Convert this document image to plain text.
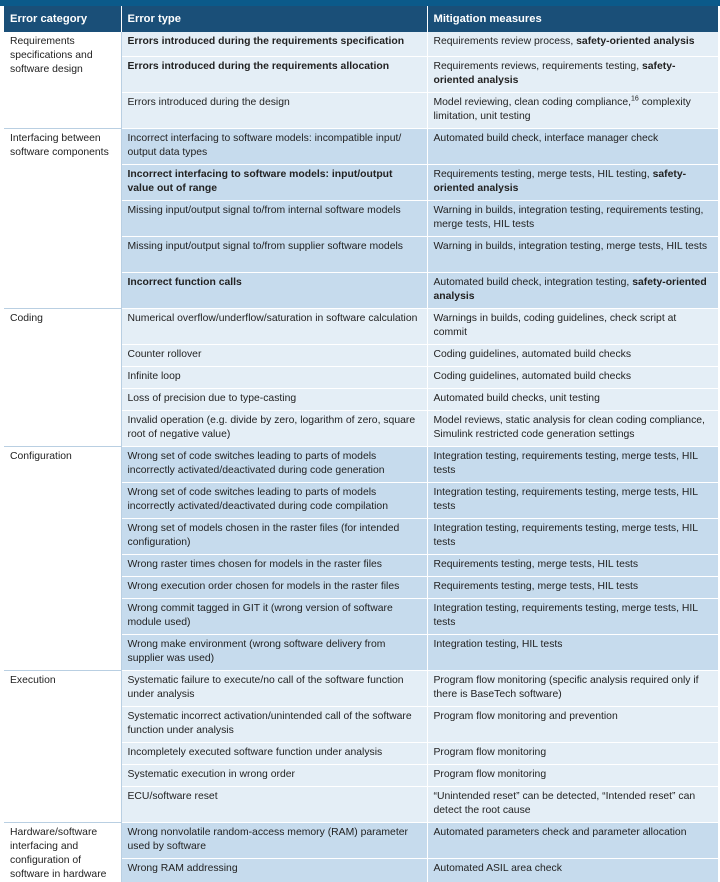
Error category	Error type	Mitigation measures
Requirements specifications and software design	Errors introduced during the requirements specification	Requirements review process, safety-oriented analysis
	Errors introduced during the requirements allocation	Requirements reviews, requirements testing, safety-oriented analysis
	Errors introduced during the design	Model reviewing, clean coding compliance,$^{16}$ complexity limitation, unit testing
Interfacing between software components	Incorrect interfacing to software models: incompatible input/ output data types	Automated build check, interface manager check
	Incorrect interfacing to software models: input/output value out of range	Requirements testing, merge tests, HIL testing, safety-oriented analysis
	Missing input/output signal to/from internal software models	Warning in builds, integration testing, requirements testing, merge tests, HIL tests
	Missing input/output signal to/from supplier software models	Warning in builds, integration testing, merge tests, HIL tests
	Incorrect function calls	Automated build check, integration testing, safety-oriented analysis
Coding	Numerical overflow/underflow/saturation in software calculation	Warnings in builds, coding guidelines, check script at commit
	Counter rollover	Coding guidelines, automated build checks
	Infinite loop	Coding guidelines, automated build checks
	Loss of precision due to type-casting	Automated build checks, unit testing
	Invalid operation (e.g. divide by zero, logarithm of zero, square root of negative value)	Model reviews, static analysis for clean coding compliance, Simulink restricted code generation settings
Configuration	Wrong set of code switches leading to parts of models incorrectly activated/deactivated during code generation	Integration testing, requirements testing, merge tests, HIL tests
	Wrong set of code switches leading to parts of models incorrectly activated/deactivated during code compilation	Integration testing, requirements testing, merge tests, HIL tests
	Wrong set of models chosen in the raster files (for intended configuration)	Integration testing, requirements testing, merge tests, HIL tests
	Wrong raster times chosen for models in the raster files	Requirements testing, merge tests, HIL tests
	Wrong execution order chosen for models in the raster files	Requirements testing, merge tests, HIL tests
	Wrong commit tagged in GIT it (wrong version of software module used)	Integration testing, requirements testing, merge tests, HIL tests
	Wrong make environment (wrong software delivery from supplier was used)	Integration testing, HIL tests
Execution	Systematic failure to execute/no call of the software function under analysis	Program flow monitoring (specific analysis required only if there is BaseTech software)
	Systematic incorrect activation/unintended call of the software function under analysis	Program flow monitoring and prevention
	Incompletely executed software function under analysis	Program flow monitoring
	Systematic execution in wrong order	Program flow monitoring
	ECU/software reset	“Unintended reset” can be detected, “Intended reset” can detect the root cause
Hardware/software interfacing and configuration of software in hardware	Wrong nonvolatile random-access memory (RAM) parameter used by software	Automated parameters check and parameter allocation
	Wrong RAM addressing	Automated ASIL area check
